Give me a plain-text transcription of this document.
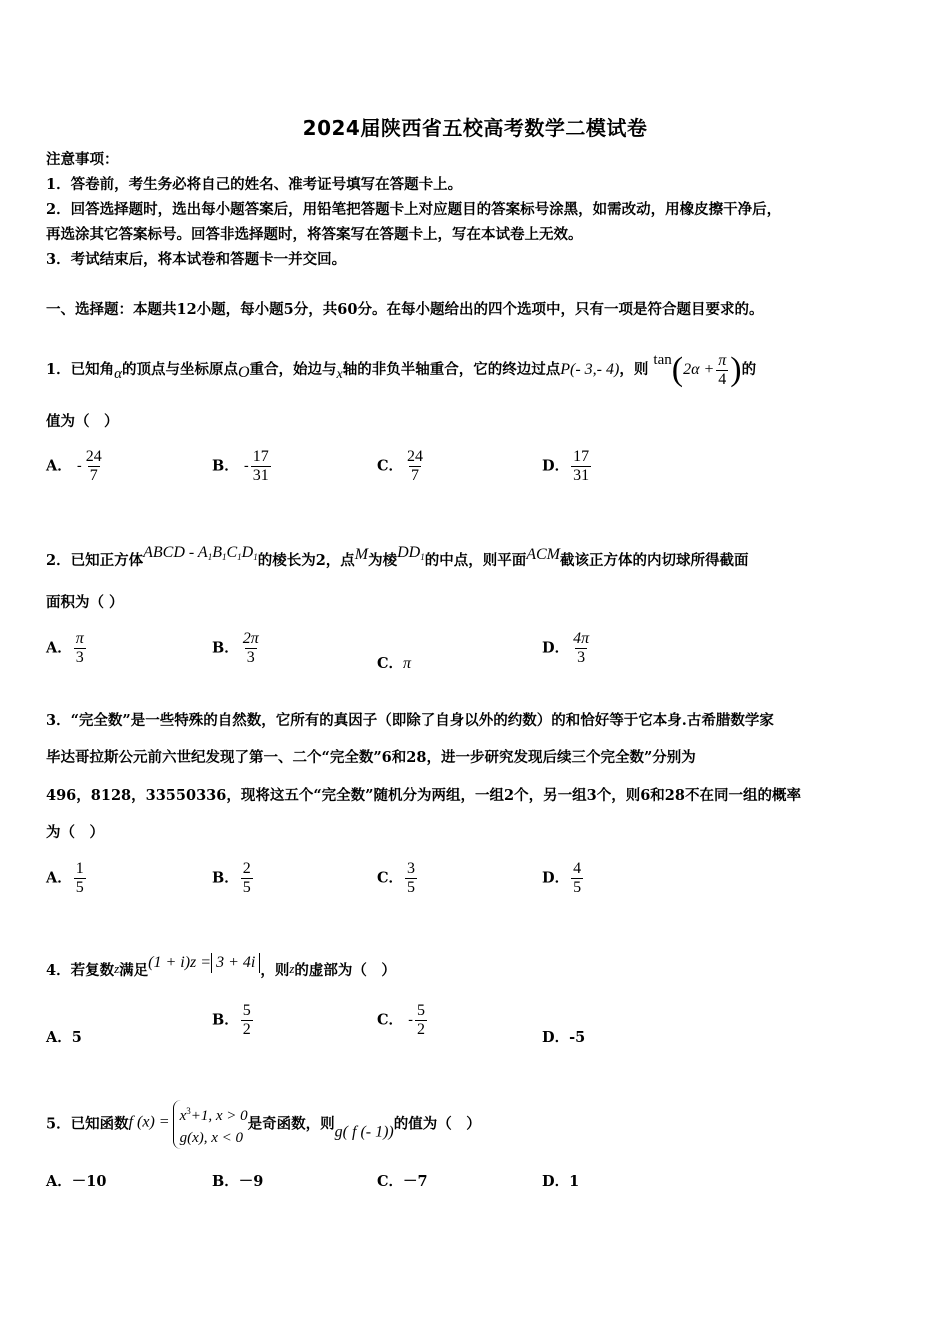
2024届陕西省五校高考数学二模试卷
注意事项：
1．答卷前，考生务必将自己的姓名、准考证号填写在答题卡上。
2．回答选择题时，选出每小题答案后，用铅笔把答题卡上对应题目的答案标号涂黑，如需改动，用橡皮擦干净后，
再选涂其它答案标号。回答非选择题时，将答案写在答题卡上，写在本试卷上无效。
3．考试结束后，将本试卷和答题卡一并交回。
一、选择题：本题共12小题，每小题5分，共60分。在每小题给出的四个选项中，只有一项是符合题目要求的。
1．已知角α的顶点与坐标原点O重合，始边与x轴的非负半轴重合，它的终边过点P(- 3,- 4)，则 $\tan(2\alpha + \frac{\pi}{4}$ )的
值为（　）
A． - $\frac{24}{7}$	B． - $\frac{17}{31}$	C． $\frac{24}{7}$	D． $\frac{17}{31}$
2．已知正方体ABCD - $A_1B_1C_1D_1$的棱长为2，点M为棱$DD_1$的中点，则平面ACM截该正方体的内切球所得截面
面积为（ ）
A． $\frac{\pi}{3}$	B． $\frac{2\pi}{3}$	C．π
D． $\frac{4\pi}{3}$
3．“完全数”是一些特殊的自然数，它所有的真因子（即除了自身以外的约数）的和恰好等于它本身.古希腊数学家
毕达哥拉斯公元前六世纪发现了第一、二个“完全数”6和28，进一步研究发现后续三个完全数”分别为
496，8128，33550336，现将这五个“完全数”随机分为两组，一组2个，另一组3个，则6和28不在同一组的概率
为（　）
A． $\frac{1}{5}$	B． $\frac{2}{5}$	C． $\frac{3}{5}$	D． $\frac{4}{5}$
4．若复数z满足(1 + i)z = 3 + 4i ，则z的虚部为（　）
A．5
B． $\frac{5}{2}$	C． - $\frac{5}{2}$	D．-5
5．已知函数f $(x) = x^3+1$, x > 0
g(x), x < 0是奇函数，则g( f (- 1))的值为（　）
A．－10	B．－9	C．－7	D．1
